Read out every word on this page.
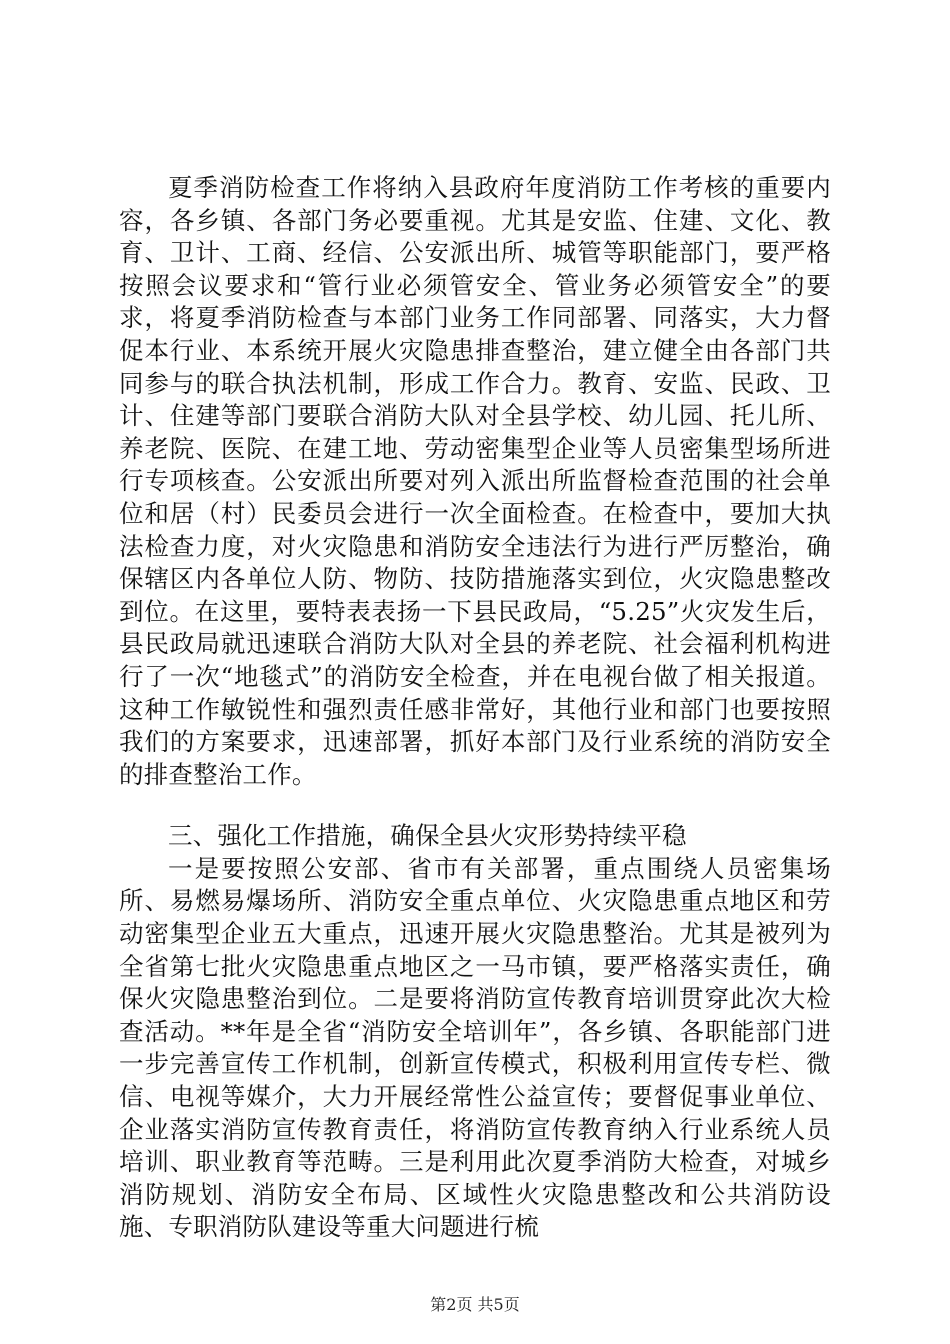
夏季消防检查工作将纳入县政府年度消防工作考核的重要内容，各乡镇、各部门务必要重视。尤其是安监、住建、文化、教育、卫计、工商、经信、公安派出所、城管等职能部门，要严格按照会议要求和“管行业必须管安全、管业务必须管安全”的要求，将夏季消防检查与本部门业务工作同部署、同落实，大力督促本行业、本系统开展火灾隐患排查整治，建立健全由各部门共同参与的联合执法机制，形成工作合力。教育、安监、民政、卫计、住建等部门要联合消防大队对全县学校、幼儿园、托儿所、养老院、医院、在建工地、劳动密集型企业等人员密集型场所进行专项核查。公安派出所要对列入派出所监督检查范围的社会单位和居（村）民委员会进行一次全面检查。在检查中，要加大执法检查力度，对火灾隐患和消防安全违法行为进行严厉整治，确保辖区内各单位人防、物防、技防措施落实到位，火灾隐患整改到位。在这里，要特表表扬一下县民政局，“5.25”火灾发生后，县民政局就迅速联合消防大队对全县的养老院、社会福利机构进行了一次“地毯式”的消防安全检查，并在电视台做了相关报道。这种工作敏锐性和强烈责任感非常好，其他行业和部门也要按照我们的方案要求，迅速部署，抓好本部门及行业系统的消防安全的排查整治工作。

三、强化工作措施，确保全县火灾形势持续平稳

一是要按照公安部、省市有关部署，重点围绕人员密集场所、易燃易爆场所、消防安全重点单位、火灾隐患重点地区和劳动密集型企业五大重点，迅速开展火灾隐患整治。尤其是被列为全省第七批火灾隐患重点地区之一马市镇，要严格落实责任，确保火灾隐患整治到位。二是要将消防宣传教育培训贯穿此次大检查活动。**年是全省“消防安全培训年”，各乡镇、各职能部门进一步完善宣传工作机制，创新宣传模式，积极利用宣传专栏、微信、电视等媒介，大力开展经常性公益宣传；要督促事业单位、企业落实消防宣传教育责任，将消防宣传教育纳入行业系统人员培训、职业教育等范畴。三是利用此次夏季消防大检查，对城乡消防规划、消防安全布局、区域性火灾隐患整改和公共消防设施、专职消防队建设等重大问题进行梳

第2页 共5页
